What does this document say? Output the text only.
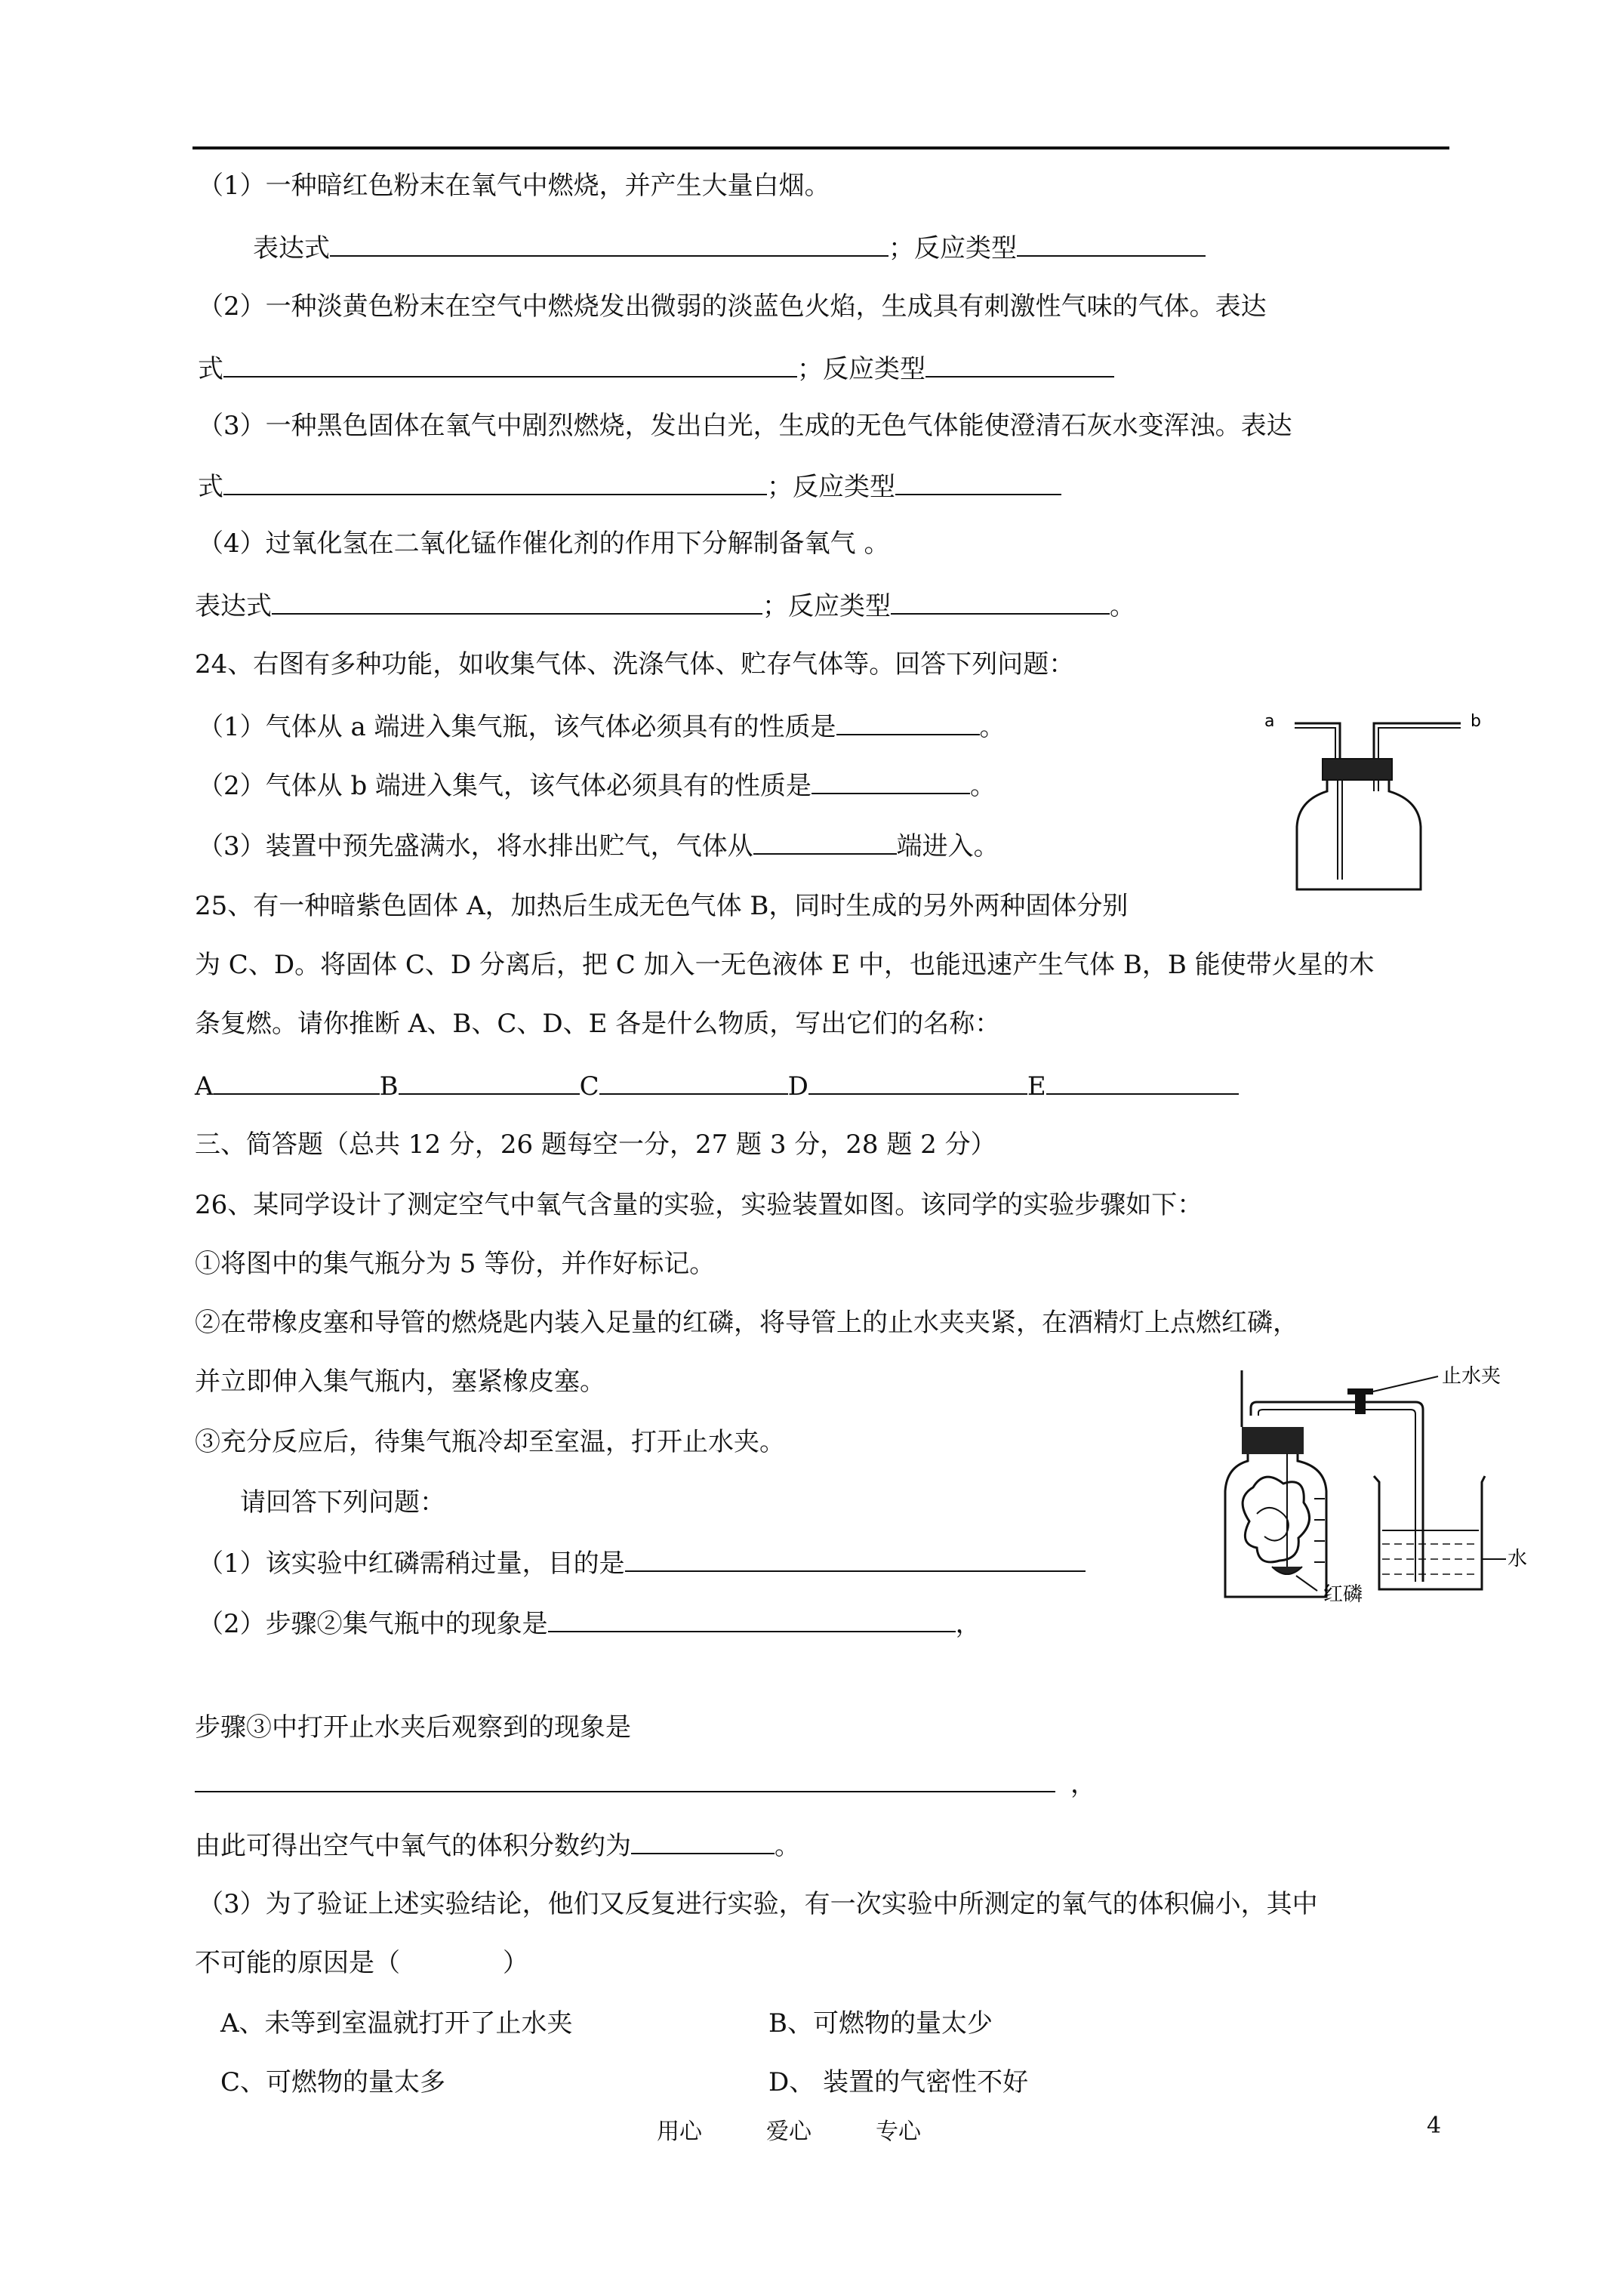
（1）一种暗红色粉末在氧气中燃烧，并产生大量白烟。
表达式	；反应类型
（2）一种淡黄色粉末在空气中燃烧发出微弱的淡蓝色火焰，生成具有刺激性气味的气体。表达
式	；反应类型
（3）一种黑色固体在氧气中剧烈燃烧，发出白光，生成的无色气体能使澄清石灰水变浑浊。表达
式	；反应类型
（4）过氧化氢在二氧化锰作催化剂的作用下分解制备氧气 。
表达式	；反应类型	。
24、右图有多种功能，如收集气体、洗涤气体、贮存气体等。回答下列问题：
（1）气体从 a 端进入集气瓶，该气体必须具有的性质是	。
（2）气体从 b 端进入集气，该气体必须具有的性质是	。
（3）装置中预先盛满水，将水排出贮气，气体从	端进入。
a	b
25、有一种暗紫色固体 A，加热后生成无色气体 B，同时生成的另外两种固体分别
为 C、D。将固体 C、D 分离后，把 C 加入一无色液体 E 中，也能迅速产生气体 B，B 能使带火星的木
条复燃。请你推断 A、B、C、D、E 各是什么物质，写出它们的名称：
A	B	C	D	E
三、简答题（总共 12 分，26 题每空一分，27 题 3 分，28 题 2 分）
26、某同学设计了测定空气中氧气含量的实验，实验装置如图。该同学的实验步骤如下：
①将图中的集气瓶分为 5 等份，并作好标记。
②在带橡皮塞和导管的燃烧匙内装入足量的红磷，将导管上的止水夹夹紧，在酒精灯上点燃红磷，
并立即伸入集气瓶内，塞紧橡皮塞。
③充分反应后，待集气瓶冷却至室温，打开止水夹。
请回答下列问题：
（1）该实验中红磷需稍过量，目的是
（2）步骤②集气瓶中的现象是	，
步骤③中打开止水夹后观察到的现象是
，
由此可得出空气中氧气的体积分数约为	。
（3）为了验证上述实验结论，他们又反复进行实验，有一次实验中所测定的氧气的体积偏小，其中
不可能的原因是（　　　　）
A、未等到室温就打开了止水夹	B、可燃物的量太少
C、可燃物的量太多	D、 装置的气密性不好
止水夹
红磷
水
用心	爱心	专心	4
